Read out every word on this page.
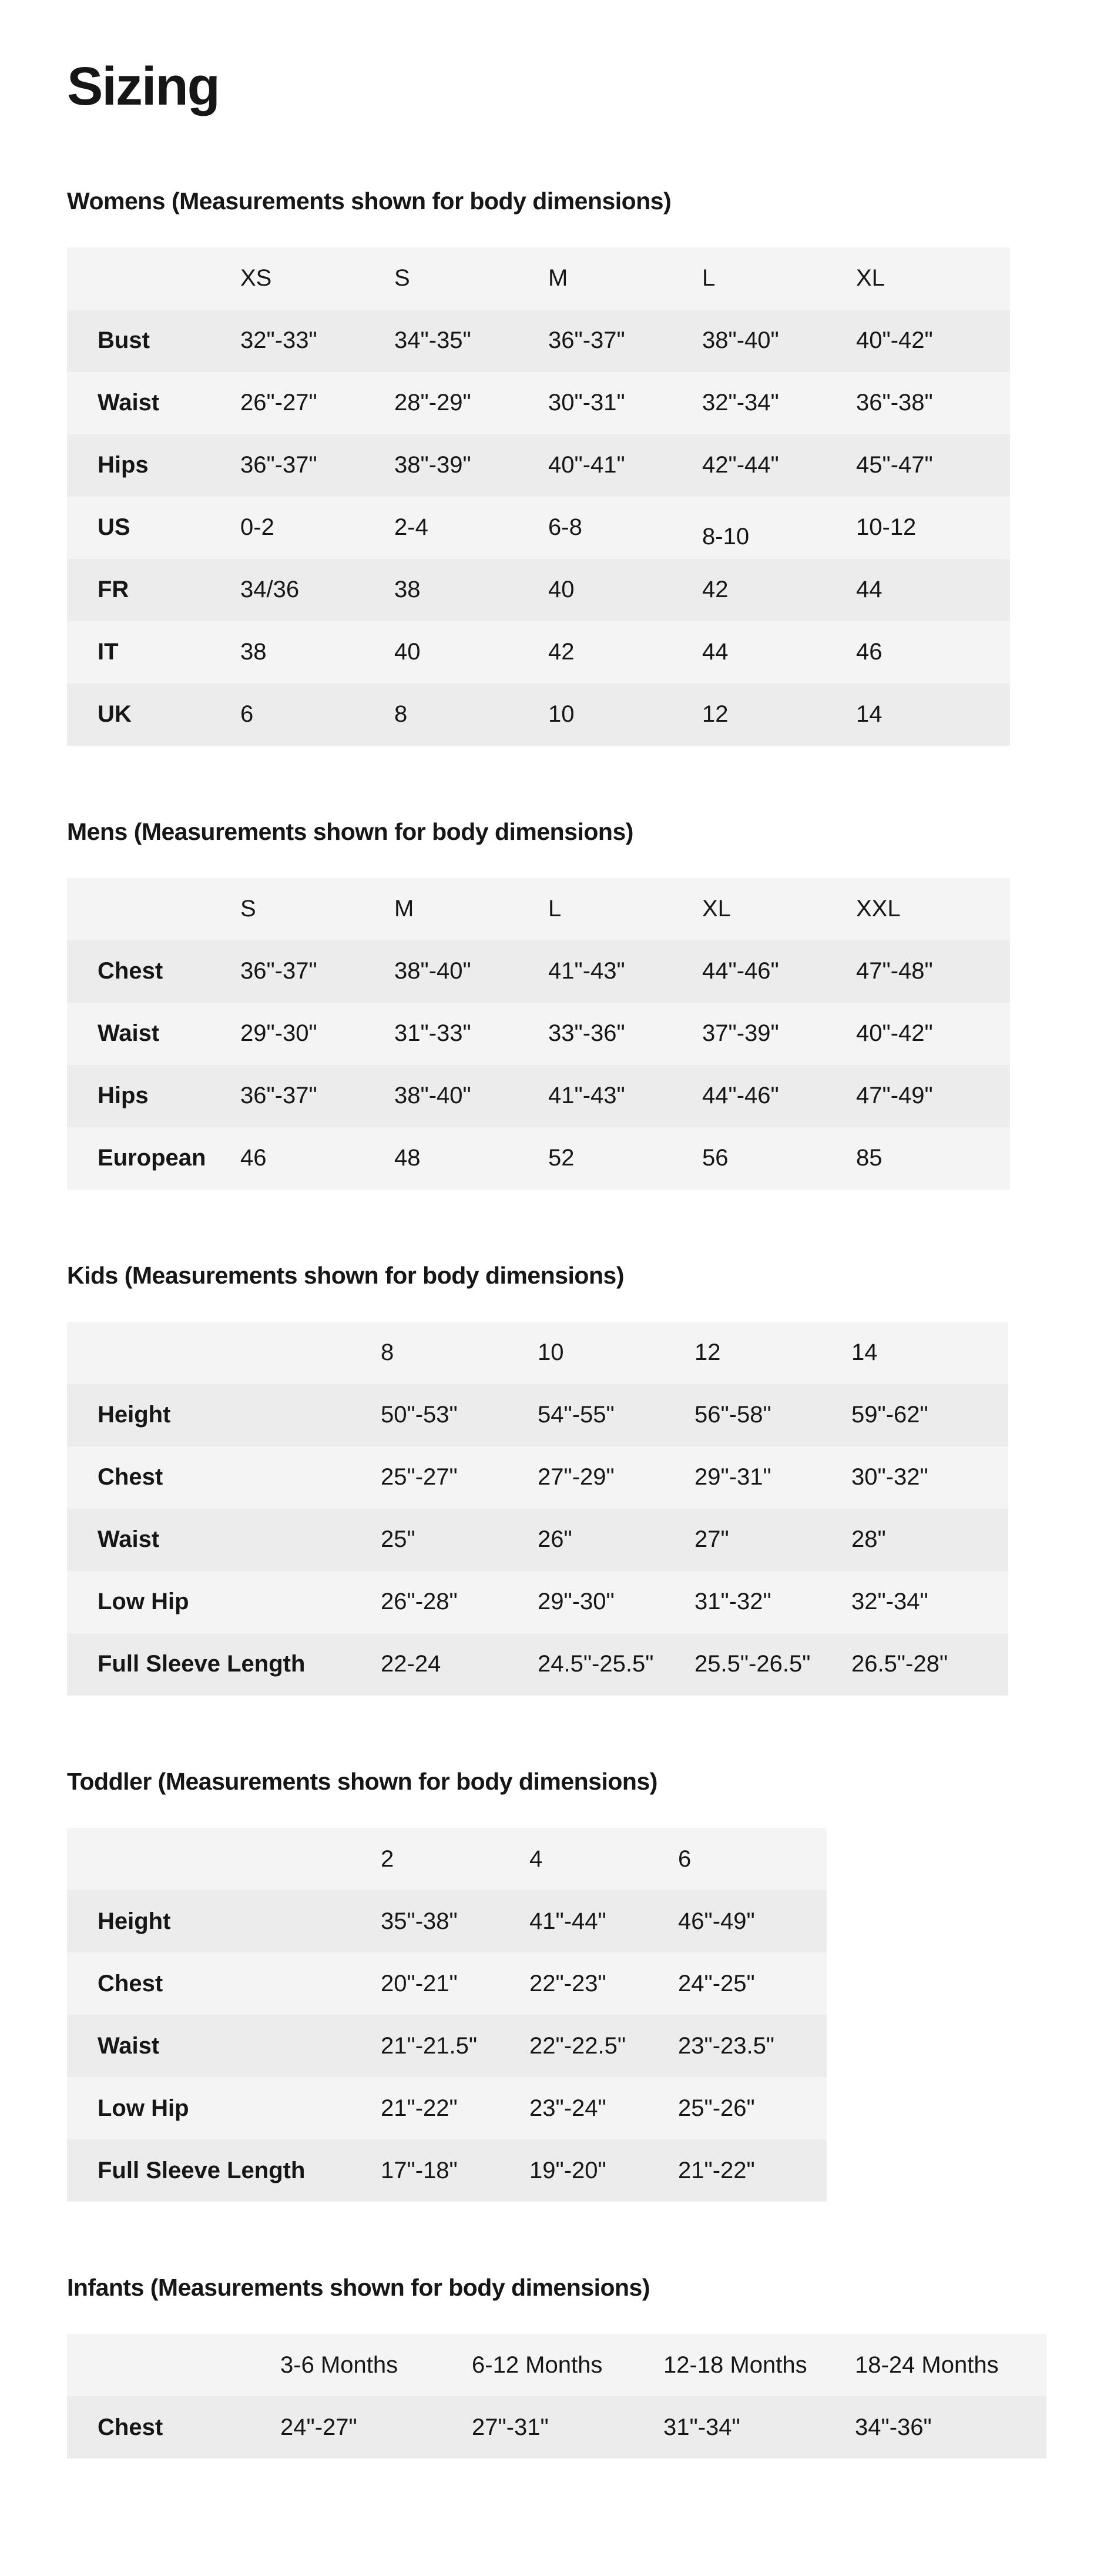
Sizing
Womens (Measurements shown for body dimensions)
	XS	S	M	L	XL
Bust	32"-33"	34"-35"	36"-37"	38"-40"	40"-42"
Waist	26"-27"	28"-29"	30"-31"	32"-34"	36"-38"
Hips	36"-37"	38"-39"	40"-41"	42"-44"	45"-47"
US	0-2	2-4	6-8	8-10	10-12
FR	34/36	38	40	42	44
IT	38	40	42	44	46
UK	6	8	10	12	14
Mens (Measurements shown for body dimensions)
	S	M	L	XL	XXL
Chest	36"-37"	38"-40"	41"-43"	44"-46"	47"-48"
Waist	29"-30"	31"-33"	33"-36"	37"-39"	40"-42"
Hips	36"-37"	38"-40"	41"-43"	44"-46"	47"-49"
European	46	48	52	56	85
Kids (Measurements shown for body dimensions)
	8	10	12	14
Height	50"-53"	54"-55"	56"-58"	59"-62"
Chest	25"-27"	27"-29"	29"-31"	30"-32"
Waist	25"	26"	27"	28"
Low Hip	26"-28"	29"-30"	31"-32"	32"-34"
Full Sleeve Length	22-24	24.5"-25.5"	25.5"-26.5"	26.5"-28"
Toddler (Measurements shown for body dimensions)
	2	4	6
Height	35"-38"	41"-44"	46"-49"
Chest	20"-21"	22"-23"	24"-25"
Waist	21"-21.5"	22"-22.5"	23"-23.5"
Low Hip	21"-22"	23"-24"	25"-26"
Full Sleeve Length	17"-18"	19"-20"	21"-22"
Infants (Measurements shown for body dimensions)
	3-6 Months	6-12 Months	12-18 Months	18-24 Months
Chest	24"-27"	27"-31"	31"-34"	34"-36"
